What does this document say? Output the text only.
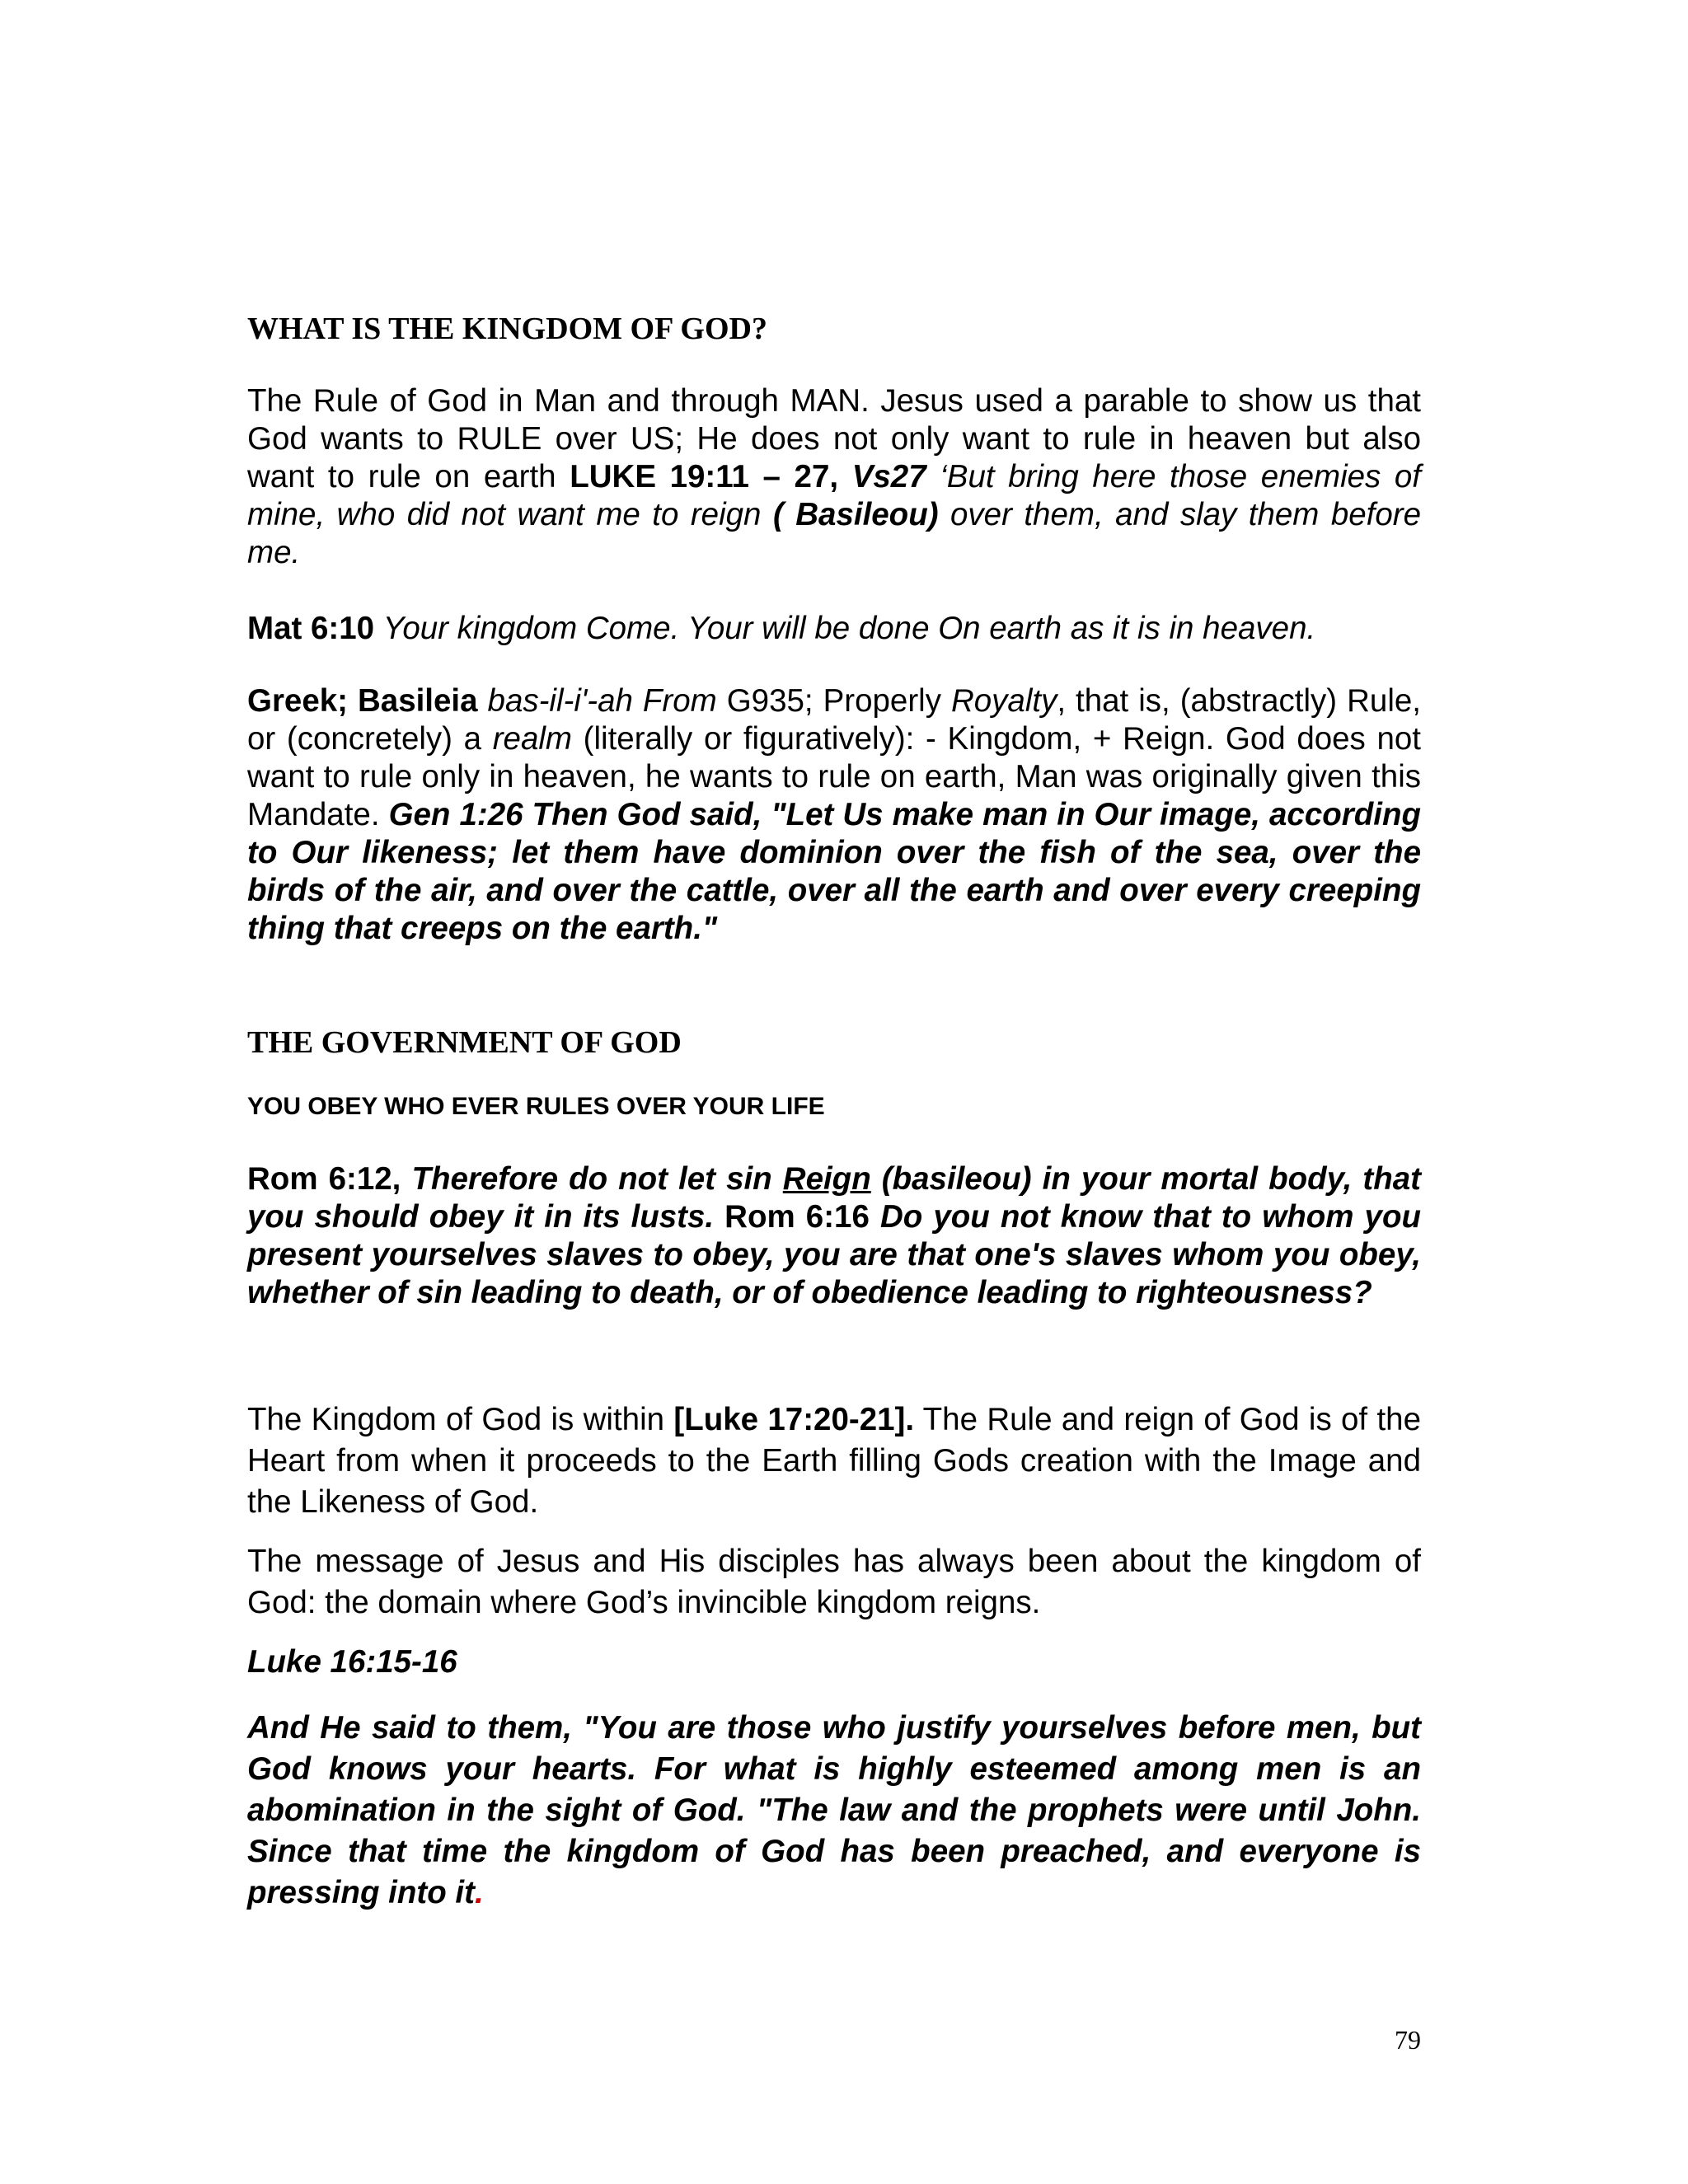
WHAT IS THE KINGDOM OF GOD?

The Rule of God in Man and through MAN. Jesus used a parable to show us that God wants to RULE over US; He does not only want to rule in heaven but also want to rule on earth LUKE 19:11 – 27, Vs27 ‘But bring here those enemies of mine, who did not want me to reign ( Basileou) over them, and slay them before me.

Mat 6:10 Your kingdom Come. Your will be done On earth as it is in heaven.

Greek; Basileia bas-il-i'-ah From G935; Properly Royalty, that is, (abstractly) Rule, or (concretely) a realm (literally or figuratively): - Kingdom, + Reign. God does not want to rule only in heaven, he wants to rule on earth, Man was originally given this Mandate. Gen 1:26 Then God said, "Let Us make man in Our image, according to Our likeness; let them have dominion over the fish of the sea, over the birds of the air, and over the cattle, over all the earth and over every creeping thing that creeps on the earth."

THE GOVERNMENT OF GOD

YOU OBEY WHO EVER RULES OVER YOUR LIFE

Rom 6:12, Therefore do not let sin Reign (basileou) in your mortal body, that you should obey it in its lusts. Rom 6:16 Do you not know that to whom you present yourselves slaves to obey, you are that one's slaves whom you obey, whether of sin leading to death, or of obedience leading to righteousness?

The Kingdom of God is within [Luke 17:20-21]. The Rule and reign of God is of the Heart from when it proceeds to the Earth filling Gods creation with the Image and the Likeness of God.

The message of Jesus and His disciples has always been about the kingdom of God: the domain where God’s invincible kingdom reigns.

Luke 16:15-16

And He said to them, "You are those who justify yourselves before men, but God knows your hearts. For what is highly esteemed among men is an abomination in the sight of God. "The law and the prophets were until John. Since that time the kingdom of God has been preached, and everyone is pressing into it.

79
